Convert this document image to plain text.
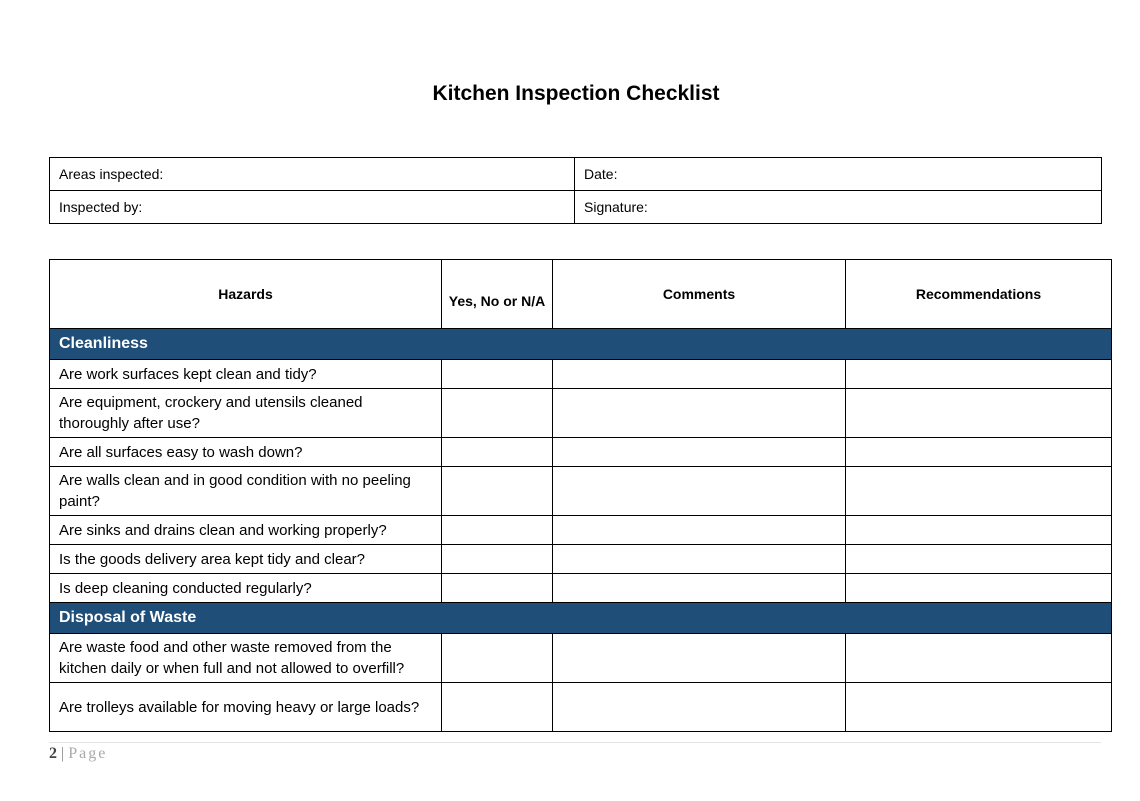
Kitchen Inspection Checklist
Areas inspected:	Date:
Inspected by:	Signature:
Hazards	Yes, No or N/A	Comments	Recommendations
Cleanliness			
Are work surfaces kept clean and tidy?			
Are equipment, crockery and utensils cleaned thoroughly after use?			
Are all surfaces easy to wash down?			
Are walls clean and in good condition with no peeling paint?			
Are sinks and drains clean and working properly?			
Is the goods delivery area kept tidy and clear?			
Is deep cleaning conducted regularly?			
Disposal of Waste			
Are waste food and other waste removed from the kitchen daily or when full and not allowed to overfill?			
Are trolleys available for moving heavy or large loads?			
2 | Page
